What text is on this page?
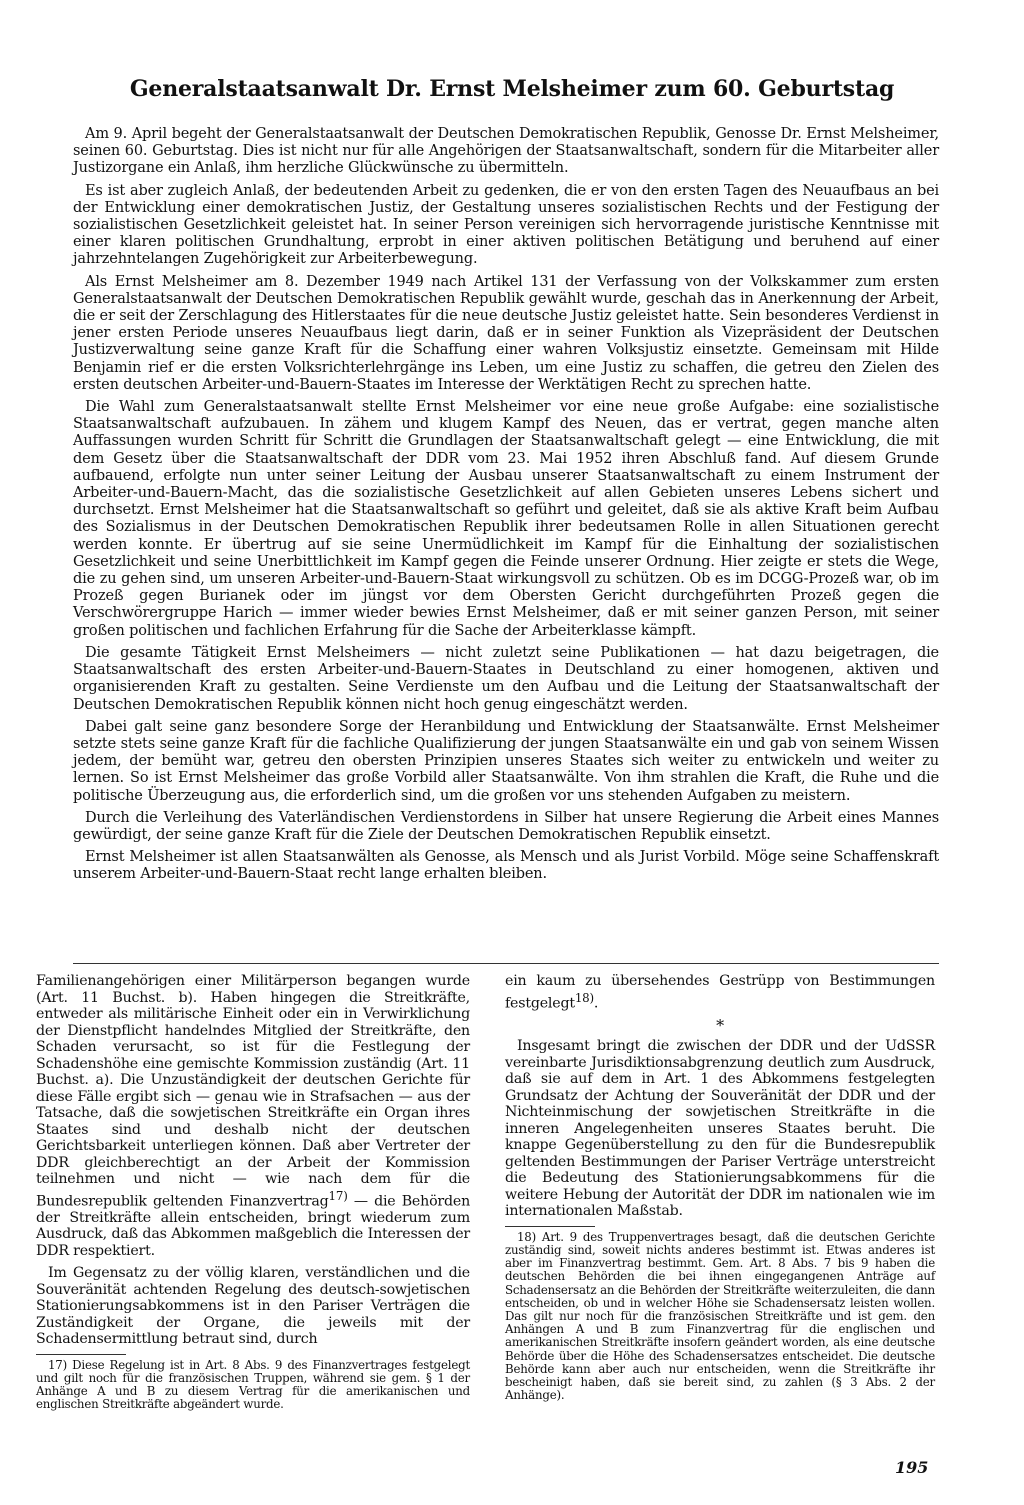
Generalstaatsanwalt Dr. Ernst Melsheimer zum 60. Geburtstag

Am 9. April begeht der Generalstaatsanwalt der Deutschen Demokratischen Republik, Genosse Dr. Ernst Melsheimer, seinen 60. Geburtstag. Dies ist nicht nur für alle Angehörigen der Staatsanwaltschaft, sondern für die Mitarbeiter aller Justizorgane ein Anlaß, ihm herzliche Glückwünsche zu übermitteln.

Es ist aber zugleich Anlaß, der bedeutenden Arbeit zu gedenken, die er von den ersten Tagen des Neuaufbaus an bei der Entwicklung einer demokratischen Justiz, der Gestaltung unseres sozialistischen Rechts und der Festigung der sozialistischen Gesetzlichkeit geleistet hat. In seiner Person vereinigen sich hervorragende juristische Kenntnisse mit einer klaren politischen Grundhaltung, erprobt in einer aktiven politischen Betätigung und beruhend auf einer jahrzehntelangen Zugehörigkeit zur Arbeiterbewegung.

Als Ernst Melsheimer am 8. Dezember 1949 nach Artikel 131 der Verfassung von der Volkskammer zum ersten Generalstaatsanwalt der Deutschen Demokratischen Republik gewählt wurde, geschah das in Anerkennung der Arbeit, die er seit der Zerschlagung des Hitlerstaates für die neue deutsche Justiz geleistet hatte. Sein besonderes Verdienst in jener ersten Periode unseres Neuaufbaus liegt darin, daß er in seiner Funktion als Vizepräsident der Deutschen Justizverwaltung seine ganze Kraft für die Schaffung einer wahren Volksjustiz einsetzte. Gemeinsam mit Hilde Benjamin rief er die ersten Volksrichterlehrgänge ins Leben, um eine Justiz zu schaffen, die getreu den Zielen des ersten deutschen Arbeiter-und-Bauern-Staates im Interesse der Werktätigen Recht zu sprechen hatte.

Die Wahl zum Generalstaatsanwalt stellte Ernst Melsheimer vor eine neue große Aufgabe: eine sozialistische Staatsanwaltschaft aufzubauen. In zähem und klugem Kampf des Neuen, das er vertrat, gegen manche alten Auffassungen wurden Schritt für Schritt die Grundlagen der Staatsanwaltschaft gelegt — eine Entwicklung, die mit dem Gesetz über die Staatsanwaltschaft der DDR vom 23. Mai 1952 ihren Abschluß fand. Auf diesem Grunde aufbauend, erfolgte nun unter seiner Leitung der Ausbau unserer Staatsanwaltschaft zu einem Instrument der Arbeiter-und-Bauern-Macht, das die sozialistische Gesetzlichkeit auf allen Gebieten unseres Lebens sichert und durchsetzt. Ernst Melsheimer hat die Staatsanwaltschaft so geführt und geleitet, daß sie als aktive Kraft beim Aufbau des Sozialismus in der Deutschen Demokratischen Republik ihrer bedeutsamen Rolle in allen Situationen gerecht werden konnte. Er übertrug auf sie seine Unermüdlichkeit im Kampf für die Einhaltung der sozialistischen Gesetzlichkeit und seine Unerbittlichkeit im Kampf gegen die Feinde unserer Ordnung. Hier zeigte er stets die Wege, die zu gehen sind, um unseren Arbeiter-und-Bauern-Staat wirkungsvoll zu schützen. Ob es im DCGG-Prozeß war, ob im Prozeß gegen Burianek oder im jüngst vor dem Obersten Gericht durchgeführten Prozeß gegen die Verschwörergruppe Harich — immer wieder bewies Ernst Melsheimer, daß er mit seiner ganzen Person, mit seiner großen politischen und fachlichen Erfahrung für die Sache der Arbeiterklasse kämpft.

Die gesamte Tätigkeit Ernst Melsheimers — nicht zuletzt seine Publikationen — hat dazu beigetragen, die Staatsanwaltschaft des ersten Arbeiter-und-Bauern-Staates in Deutschland zu einer homogenen, aktiven und organisierenden Kraft zu gestalten. Seine Verdienste um den Aufbau und die Leitung der Staatsanwaltschaft der Deutschen Demokratischen Republik können nicht hoch genug eingeschätzt werden.

Dabei galt seine ganz besondere Sorge der Heranbildung und Entwicklung der Staatsanwälte. Ernst Melsheimer setzte stets seine ganze Kraft für die fachliche Qualifizierung der jungen Staatsanwälte ein und gab von seinem Wissen jedem, der bemüht war, getreu den obersten Prinzipien unseres Staates sich weiter zu entwickeln und weiter zu lernen. So ist Ernst Melsheimer das große Vorbild aller Staatsanwälte. Von ihm strahlen die Kraft, die Ruhe und die politische Überzeugung aus, die erforderlich sind, um die großen vor uns stehenden Aufgaben zu meistern.

Durch die Verleihung des Vaterländischen Verdienstordens in Silber hat unsere Regierung die Arbeit eines Mannes gewürdigt, der seine ganze Kraft für die Ziele der Deutschen Demokratischen Republik einsetzt.

Ernst Melsheimer ist allen Staatsanwälten als Genosse, als Mensch und als Jurist Vorbild. Möge seine Schaffenskraft unserem Arbeiter-und-Bauern-Staat recht lange erhalten bleiben.

Familienangehörigen einer Militärperson begangen wurde (Art. 11 Buchst. b). Haben hingegen die Streitkräfte, entweder als militärische Einheit oder ein in Verwirklichung der Dienstpflicht handelndes Mitglied der Streitkräfte, den Schaden verursacht, so ist für die Festlegung der Schadenshöhe eine gemischte Kommission zuständig (Art. 11 Buchst. a). Die Unzuständigkeit der deutschen Gerichte für diese Fälle ergibt sich — genau wie in Strafsachen — aus der Tatsache, daß die sowjetischen Streitkräfte ein Organ ihres Staates sind und deshalb nicht der deutschen Gerichtsbarkeit unterliegen können. Daß aber Vertreter der DDR gleichberechtigt an der Arbeit der Kommission teilnehmen und nicht — wie nach dem für die Bundesrepublik geltenden Finanzvertrag$^{17)}$ — die Behörden der Streitkräfte allein entscheiden, bringt wiederum zum Ausdruck, daß das Abkommen maßgeblich die Interessen der DDR respektiert.

Im Gegensatz zu der völlig klaren, verständlichen und die Souveränität achtenden Regelung des deutsch-sowjetischen Stationierungsabkommens ist in den Pariser Verträgen die Zuständigkeit der Organe, die jeweils mit der Schadensermittlung betraut sind, durch

17) Diese Regelung ist in Art. 8 Abs. 9 des Finanzvertrages festgelegt und gilt noch für die französischen Truppen, während sie gem. § 1 der Anhänge A und B zu diesem Vertrag für die amerikanischen und englischen Streitkräfte abgeändert wurde.

ein kaum zu übersehendes Gestrüpp von Bestimmungen festgelegt$^{18)}$.

*

Insgesamt bringt die zwischen der DDR und der UdSSR vereinbarte Jurisdiktionsabgrenzung deutlich zum Ausdruck, daß sie auf dem in Art. 1 des Abkommens festgelegten Grundsatz der Achtung der Souveränität der DDR und der Nichteinmischung der sowjetischen Streitkräfte in die inneren Angelegenheiten unseres Staates beruht. Die knappe Gegenüberstellung zu den für die Bundesrepublik geltenden Bestimmungen der Pariser Verträge unterstreicht die Bedeutung des Stationierungsabkommens für die weitere Hebung der Autorität der DDR im nationalen wie im internationalen Maßstab.

18) Art. 9 des Truppenvertrages besagt, daß die deutschen Gerichte zuständig sind, soweit nichts anderes bestimmt ist. Etwas anderes ist aber im Finanzvertrag bestimmt. Gem. Art. 8 Abs. 7 bis 9 haben die deutschen Behörden die bei ihnen eingegangenen Anträge auf Schadensersatz an die Behörden der Streitkräfte weiterzuleiten, die dann entscheiden, ob und in welcher Höhe sie Schadensersatz leisten wollen. Das gilt nur noch für die französischen Streitkräfte und ist gem. den Anhängen A und B zum Finanzvertrag für die englischen und amerikanischen Streitkräfte insofern geändert worden, als eine deutsche Behörde über die Höhe des Schadensersatzes entscheidet. Die deutsche Behörde kann aber auch nur entscheiden, wenn die Streitkräfte ihr bescheinigt haben, daß sie bereit sind, zu zahlen (§ 3 Abs. 2 der Anhänge).

195
